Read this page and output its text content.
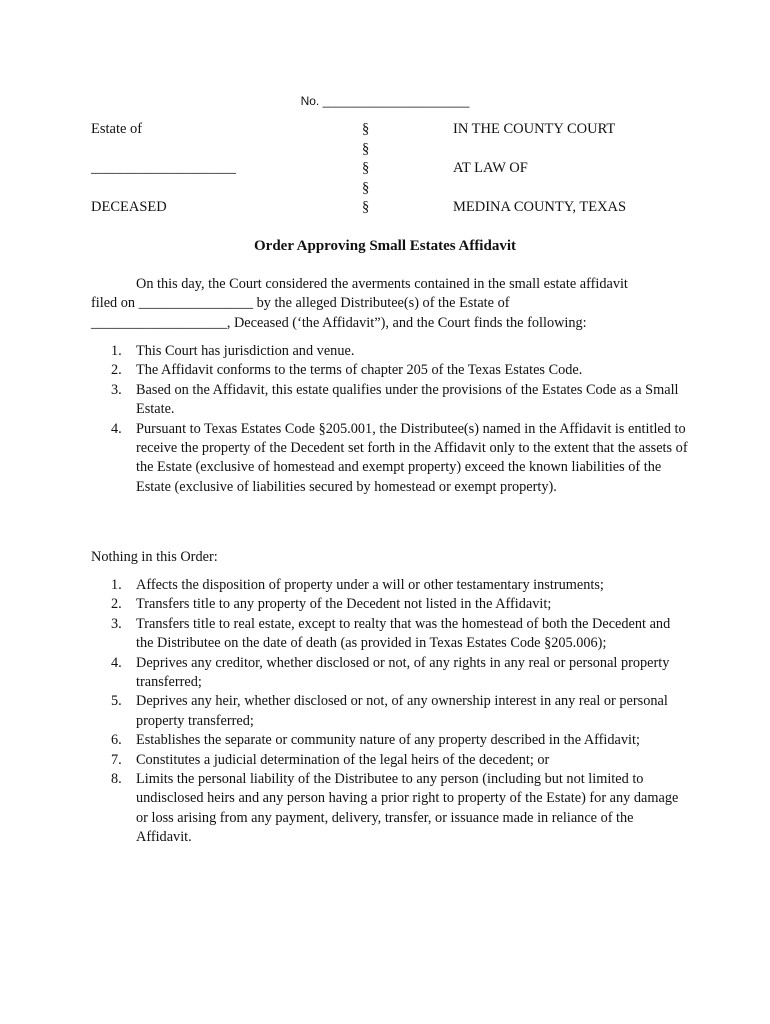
No. ______________________
Estate of	§	IN THE COUNTY COURT
§
____________________	§	AT LAW OF
§
DECEASED	§	MEDINA COUNTY, TEXAS
Order Approving Small Estates Affidavit
On this day, the Court considered the averments contained in the small estate affidavit
filed on ________________ by the alleged Distributee(s) of the Estate of
___________________, Deceased (‘the Affidavit”), and the Court finds the following:
1. This Court has jurisdiction and venue.
2. The Affidavit conforms to the terms of chapter 205 of the Texas Estates Code.
3. Based on the Affidavit, this estate qualifies under the provisions of the Estates Code as a Small Estate.
4. Pursuant to Texas Estates Code §205.001, the Distributee(s) named in the Affidavit is entitled to receive the property of the Decedent set forth in the Affidavit only to the extent that the assets of the Estate (exclusive of homestead and exempt property) exceed the known liabilities of the Estate (exclusive of liabilities secured by homestead or exempt property).
Nothing in this Order:
1. Affects the disposition of property under a will or other testamentary instruments;
2. Transfers title to any property of the Decedent not listed in the Affidavit;
3. Transfers title to real estate, except to realty that was the homestead of both the Decedent and the Distributee on the date of death (as provided in Texas Estates Code §205.006);
4. Deprives any creditor, whether disclosed or not, of any rights in any real or personal property transferred;
5. Deprives any heir, whether disclosed or not, of any ownership interest in any real or personal property transferred;
6. Establishes the separate or community nature of any property described in the Affidavit;
7. Constitutes a judicial determination of the legal heirs of the decedent; or
8. Limits the personal liability of the Distributee to any person (including but not limited to undisclosed heirs and any person having a prior right to property of the Estate) for any damage or loss arising from any payment, delivery, transfer, or issuance made in reliance of the Affidavit.
